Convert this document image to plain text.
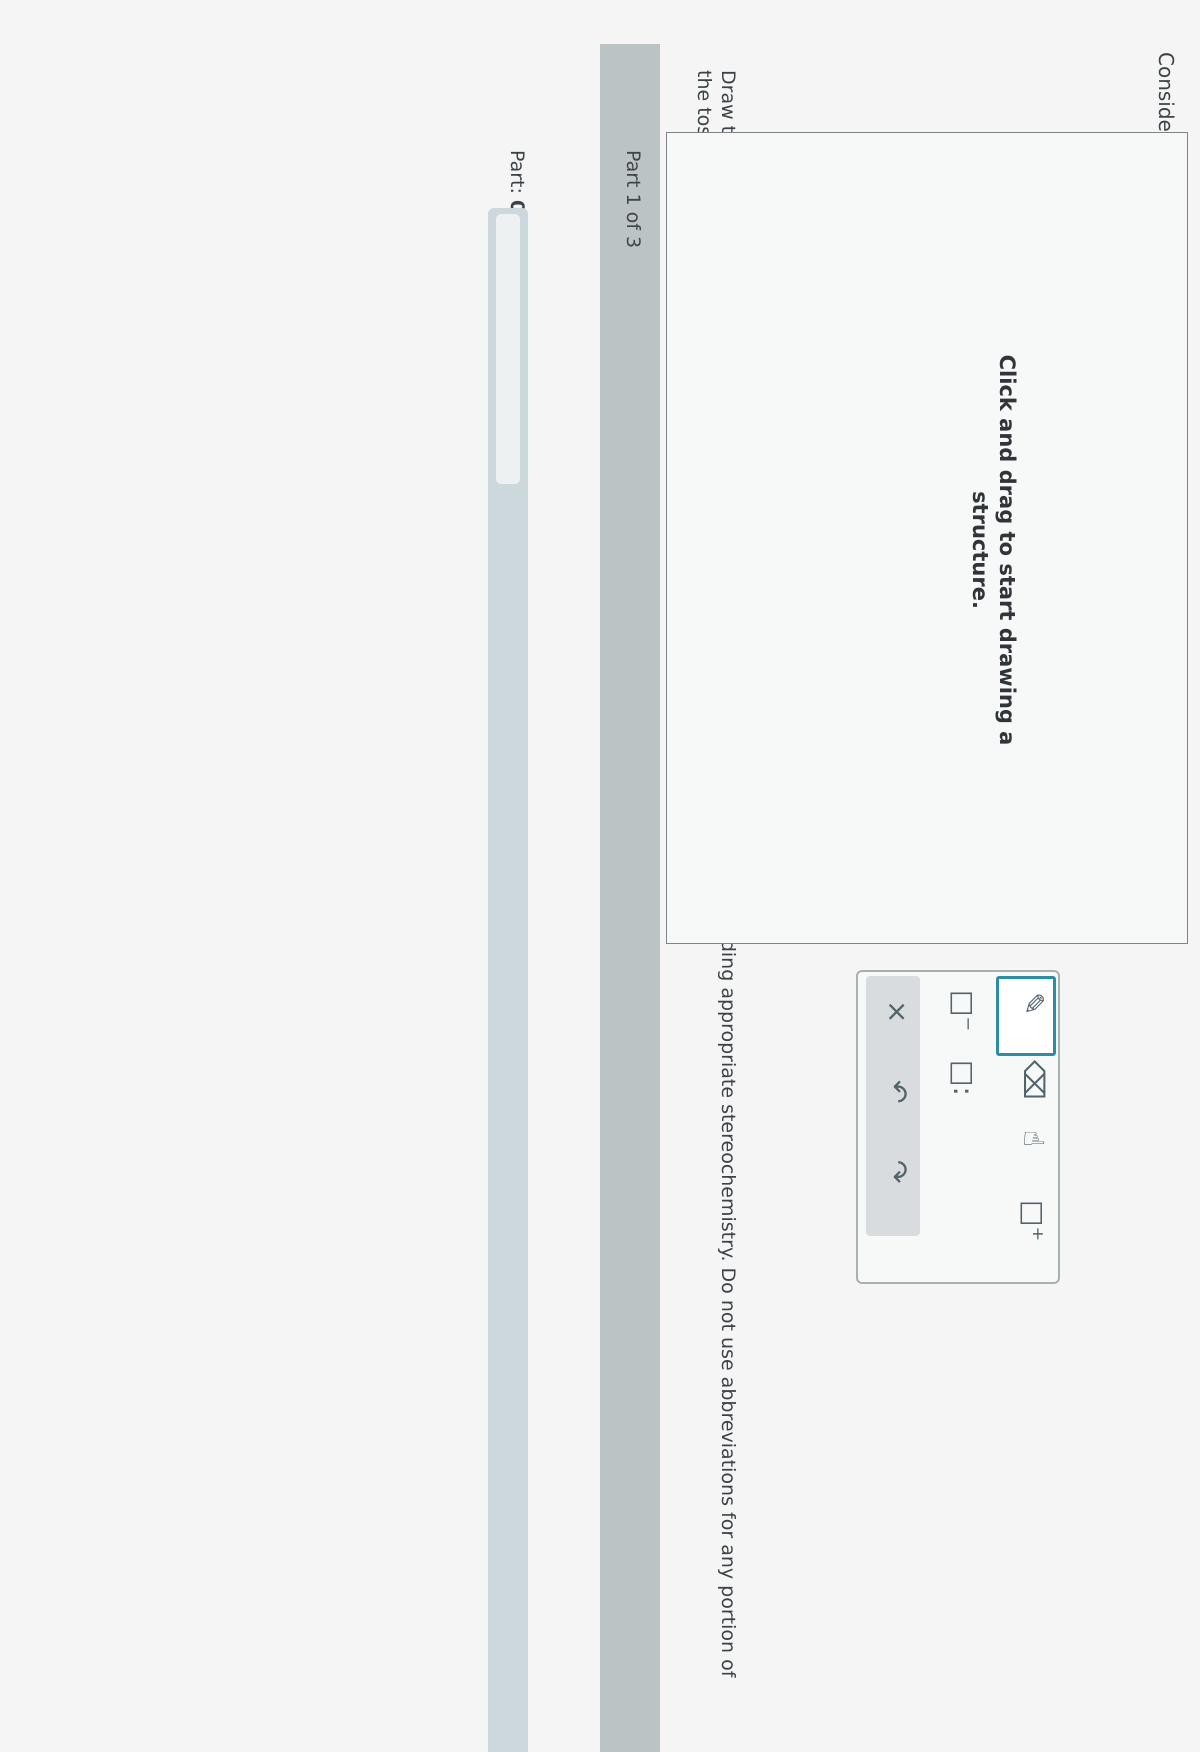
Part: 0	Part 1 of 3
Click and drag to start drawing a structure.
✎
⌫
☝
□⁺
□⁻
□:
×
↶
↷
